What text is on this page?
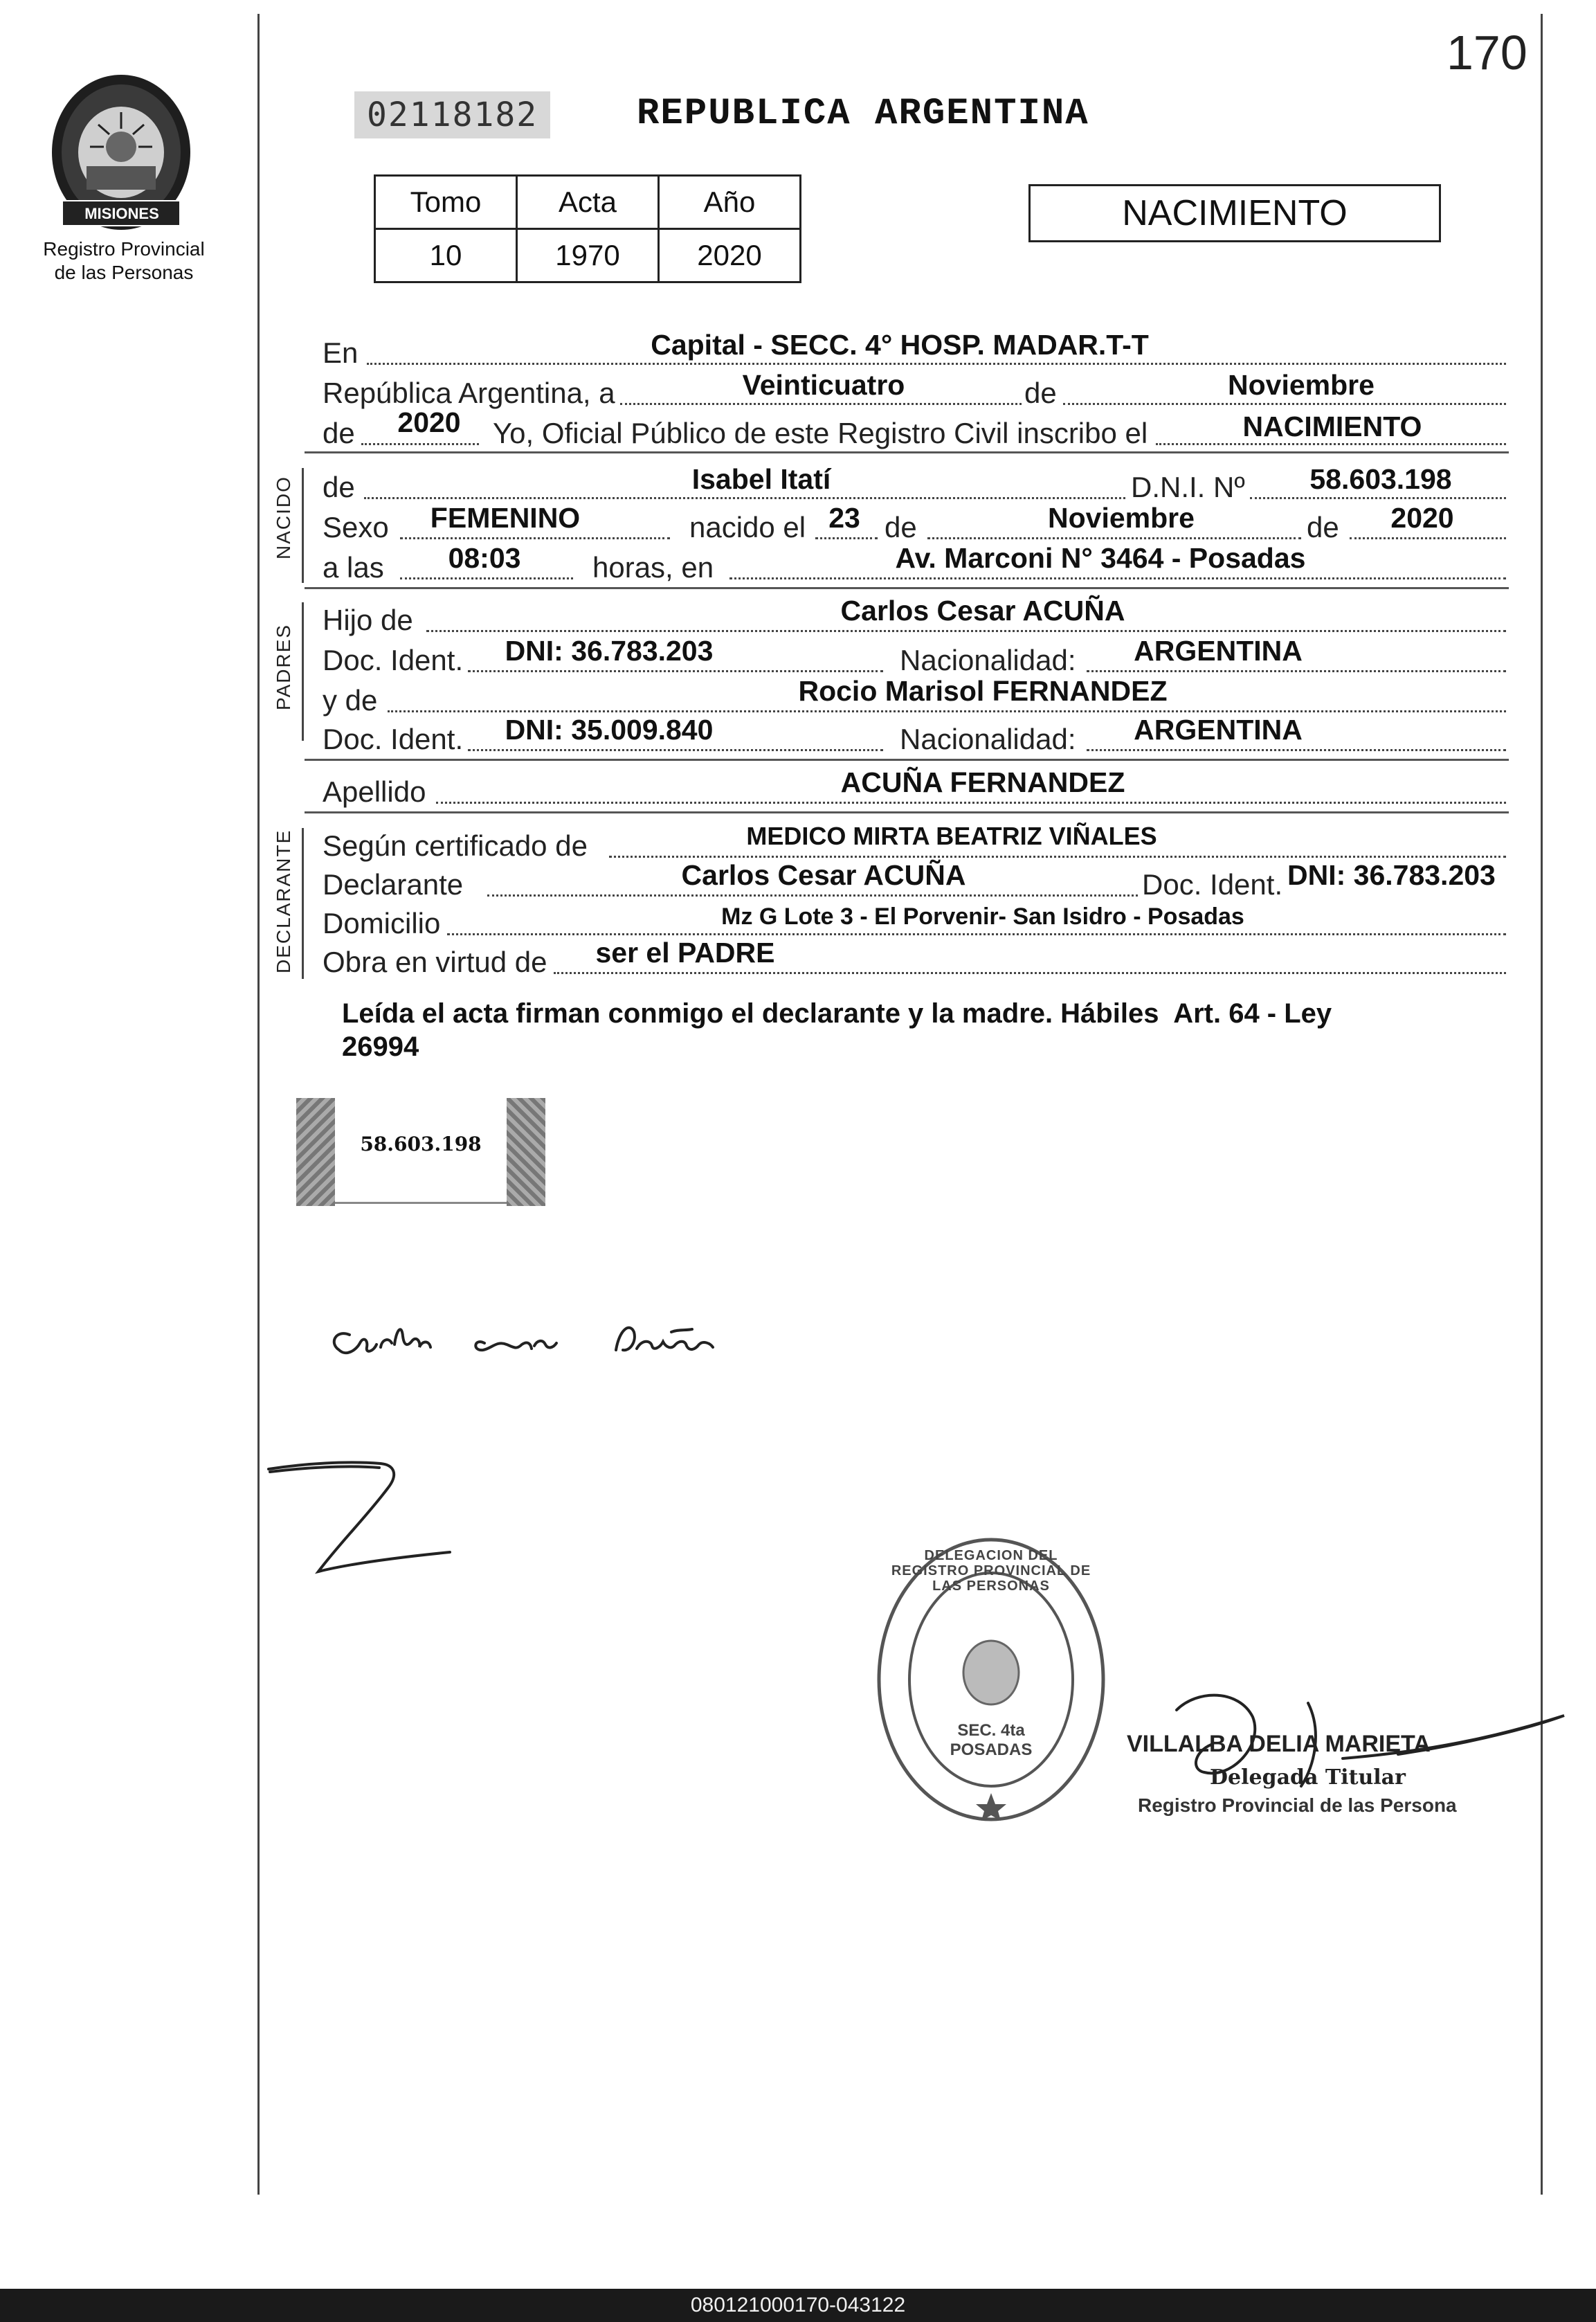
170
MISIONES
Registro Provincial
de las Personas
02118182	REPUBLICA ARGENTINA
Tomo	Acta	Año
10	1970	2020
NACIMIENTO
En	Capital - SECC. 4° HOSP. MADAR.T-T
República Argentina, a	Veinticuatro	de	Noviembre
de	2020	Yo, Oficial Público de este Registro Civil inscribo el	NACIMIENTO
NACIDO de	Isabel Itatí	D.N.I. Nº	58.603.198
Sexo	FEMENINO	nacido el 23 de	Noviembre	de	2020
a las	08:03	horas, en	Av. Marconi N° 3464 - Posadas
PADRES
Hijo de	Carlos Cesar ACUÑA
Doc. Ident.	DNI: 36.783.203	Nacionalidad:	ARGENTINA
y de	Rocio Marisol FERNANDEZ
Doc. Ident.	DNI: 35.009.840	Nacionalidad:	ARGENTINA
Apellido	ACUÑA FERNANDEZ
DECLARANTE Según certificado de	MEDICO MIRTA BEATRIZ VIÑALES
Declarante	Carlos Cesar ACUÑA	Doc. Ident. DNI: 36.783.203
Domicilio	Mz G Lote 3 - El Porvenir- San Isidro - Posadas
Obra en virtud de	ser el PADRE
Leída el acta firman conmigo el declarante y la madre. Hábiles  Art. 64 - Ley
26994
58.603.198
DELEGACION DEL REGISTRO PROVINCIAL DE LAS PERSONAS
SEC. 4ta POSADAS	VILLALBA DELIA MARIETA
Delegada Titular
Registro Provincial de las Persona
080121000170-043122
